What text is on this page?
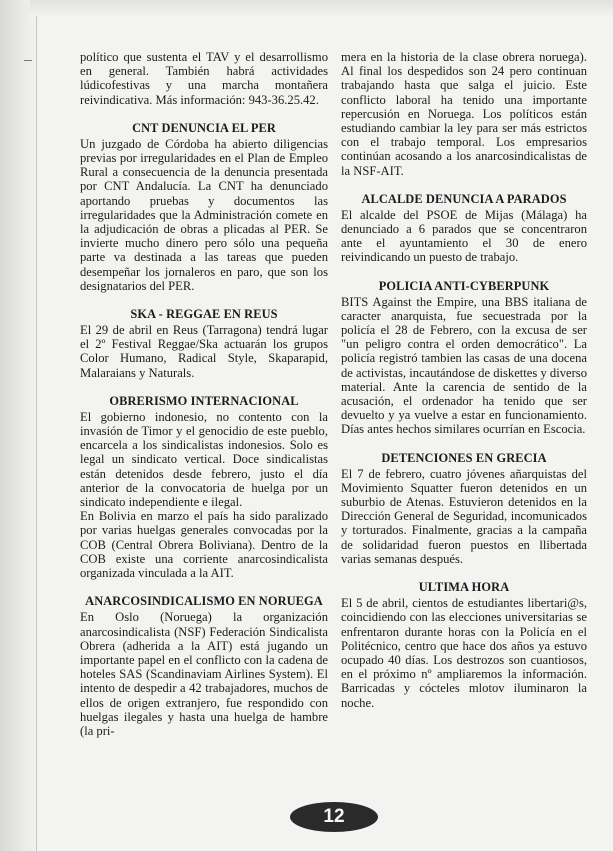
político que sustenta el TAV y el desarrollismo en general. También habrá actividades lúdicofestivas y una marcha montañera reivindicativa. Más información: 943-36.25.42.

CNT DENUNCIA EL PER

Un juzgado de Córdoba ha abierto diligencias previas por irregularidades en el Plan de Empleo Rural a consecuencia de la denuncia presentada por CNT Andalucía. La CNT ha denunciado aportando pruebas y documentos las irregularidades que la Administración comete en la adjudicación de obras a plicadas al PER. Se invierte mucho dinero pero sólo una pequeña parte va destinada a las tareas que pueden desempeñar los jornaleros en paro, que son los designatarios del PER.

SKA - REGGAE EN REUS

El 29 de abril en Reus (Tarragona) tendrá lugar el 2º Festival Reggae/Ska actuarán los grupos Color Humano, Radical Style, Skaparapid, Malaraians y Naturals.

OBRERISMO INTERNACIONAL

El gobierno indonesio, no contento con la invasión de Timor y el genocidio de este pueblo, encarcela a los sindicalistas indonesios. Solo es legal un sindicato vertical. Doce sindicalistas están detenidos desde febrero, justo el día anterior de la convocatoria de huelga por un sindicato independiente e ilegal.

En Bolivia en marzo el país ha sido paralizado por varias huelgas generales convocadas por la COB (Central Obrera Boliviana). Dentro de la COB existe una corriente anarcosindicalista organizada vinculada a la AIT.

ANARCOSINDICALISMO EN NORUEGA

En Oslo (Noruega) la organización anarcosindicalista (NSF) Federación Sindicalista Obrera (adherida a la AIT) está jugando un importante papel en el conflicto con la cadena de hoteles SAS (Scandinaviam Airlines System). El intento de despedir a 42 trabajadores, muchos de ellos de origen extranjero, fue respondido con huelgas ilegales y hasta una huelga de hambre (la pri-

mera en la historia de la clase obrera noruega). Al final los despedidos son 24 pero continuan trabajando hasta que salga el juicio. Este conflicto laboral ha tenido una importante repercusión en Noruega. Los políticos están estudiando cambiar la ley para ser más estrictos con el trabajo temporal. Los empresarios continúan acosando a los anarcosindicalistas de la NSF-AIT.

ALCALDE DENUNCIA A PARADOS

El alcalde del PSOE de Mijas (Málaga) ha denunciado a 6 parados que se concentraron ante el ayuntamiento el 30 de enero reivindicando un puesto de trabajo.

POLICIA ANTI-CYBERPUNK

BITS Against the Empire, una BBS italiana de caracter anarquista, fue secuestrada por la policía el 28 de Febrero, con la excusa de ser "un peligro contra el orden democrático". La policía registró tambien las casas de una docena de activistas, incautándose de diskettes y diverso material. Ante la carencia de sentido de la acusación, el ordenador ha tenido que ser devuelto y ya vuelve a estar en funcionamiento. Días antes hechos similares ocurrían en Escocia.

DETENCIONES EN GRECIA

El 7 de febrero, cuatro jóvenes añarquistas del Movimiento Squatter fueron detenidos en un suburbio de Atenas. Estuvieron detenidos en la Dirección General de Seguridad, incomunicados y torturados. Finalmente, gracias a la campaña de solidaridad fueron puestos en llibertada varias semanas después.

ULTIMA HORA

El 5 de abril, cientos de estudiantes libertari@s, coincidiendo con las elecciones universitarias se enfrentaron durante horas con la Policía en el Politécnico, centro que hace dos años ya estuvo ocupado 40 días. Los destrozos son cuantiosos, en el próximo nº ampliaremos la información. Barricadas y cócteles mlotov iluminaron la noche.

12
